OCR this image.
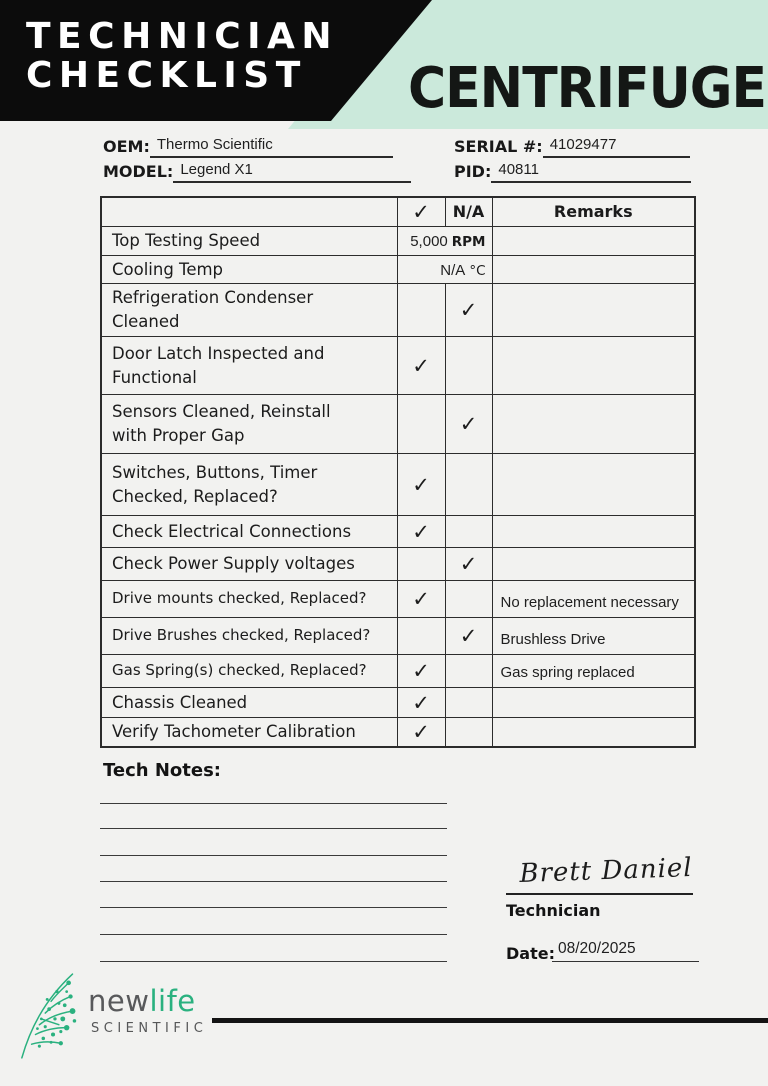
TECHNICIAN
CHECKLIST	CENTRIFUGE
OEM: Thermo Scientific
MODEL: Legend X1
SERIAL #: 41029477
PID: 40811
	✓	N/A	Remarks
Top Testing Speed	5,000 RPM		
Cooling Temp	N/A °C		
Refrigeration Condenser Cleaned		✓	
Door Latch Inspected and Functional	✓		
Sensors Cleaned, Reinstall with Proper Gap		✓	
Switches, Buttons, Timer Checked, Replaced?	✓		
Check Electrical Connections	✓		
Check Power Supply voltages		✓	
Drive mounts checked, Replaced?	✓		No replacement necessary
Drive Brushes checked, Replaced?		✓	Brushless Drive
Gas Spring(s) checked, Replaced?	✓		Gas spring replaced
Chassis Cleaned	✓		
Verify Tachometer Calibration	✓		
Tech Notes:
Brett Daniel
Technician
Date: 08/20/2025
newlife
SCIENTIFIC
